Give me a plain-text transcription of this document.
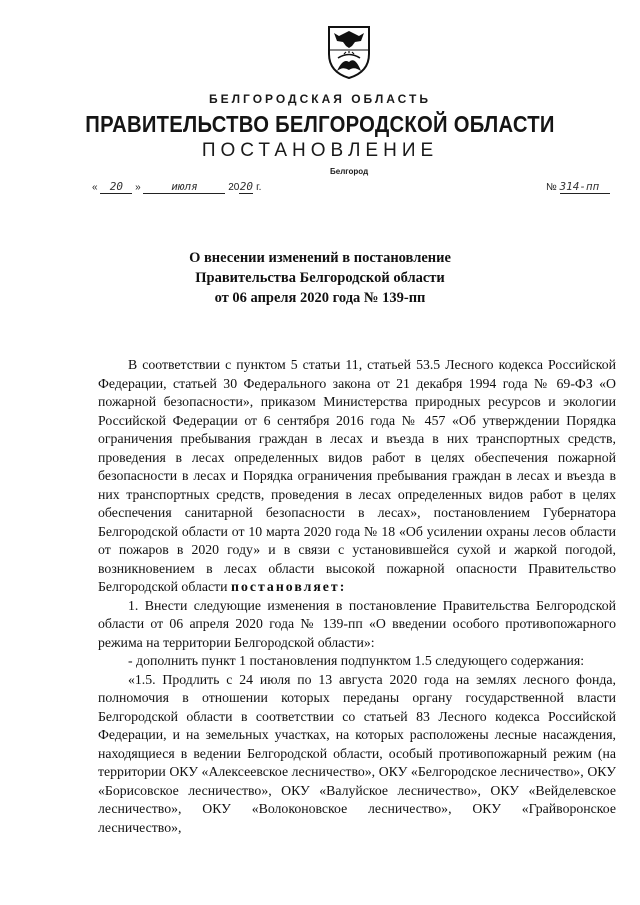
БЕЛГОРОДСКАЯ ОБЛАСТЬ
ПРАВИТЕЛЬСТВО БЕЛГОРОДСКОЙ ОБЛАСТИ
ПОСТАНОВЛЕНИЕ
Белгород
« 20 »	июля	2020 г.	№ 314-пп
О внесении изменений в постановление
Правительства Белгородской области
от 06 апреля 2020 года № 139-пп

В соответствии с пунктом 5 статьи 11, статьей 53.5 Лесного кодекса Российской Федерации, статьей 30 Федерального закона от 21 декабря 1994 года № 69-ФЗ «О пожарной безопасности», приказом Министерства природных ресурсов и экологии Российской Федерации от 6 сентября 2016 года № 457 «Об утверждении Порядка ограничения пребывания граждан в лесах и въезда в них транспортных средств, проведения в лесах определенных видов работ в целях обеспечения пожарной безопасности в лесах и Порядка ограничения пребывания граждан в лесах и въезда в них транспортных средств, проведения в лесах определенных видов работ в целях обеспечения санитарной безопасности в лесах», постановлением Губернатора Белгородской области от 10 марта 2020 года № 18 «Об усилении охраны лесов области от пожаров в 2020 году» и в связи с установившейся сухой и жаркой погодой, возникновением в лесах области высокой пожарной опасности Правительство Белгородской области постановляет:

1. Внести следующие изменения в постановление Правительства Белгородской области от 06 апреля 2020 года № 139-пп «О введении особого противопожарного режима на территории Белгородской области»:

- дополнить пункт 1 постановления подпунктом 1.5 следующего содержания:

«1.5. Продлить с 24 июля по 13 августа 2020 года на землях лесного фонда, полномочия в отношении которых переданы органу государственной власти Белгородской области в соответствии со статьей 83 Лесного кодекса Российской Федерации, и на земельных участках, на которых расположены лесные насаждения, находящиеся в ведении Белгородской области, особый противопожарный режим (на территории ОКУ «Алексеевское лесничество», ОКУ «Белгородское лесничество», ОКУ «Борисовское лесничество», ОКУ «Валуйское лесничество», ОКУ «Вейделевское лесничество», ОКУ «Волоконовское лесничество», ОКУ «Грайворонское лесничество»,
